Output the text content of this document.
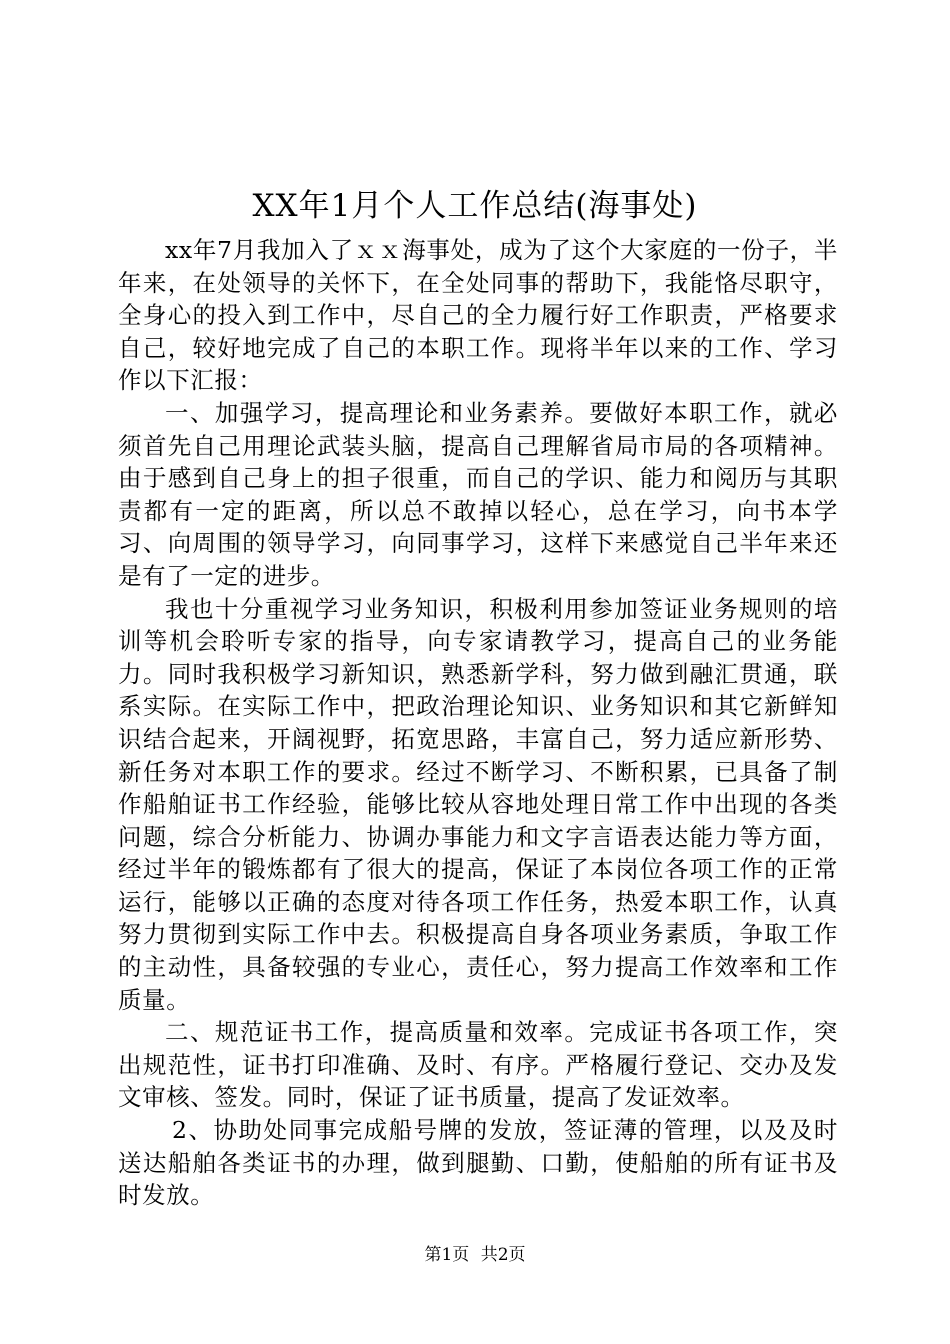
XX年1月个人工作总结(海事处)

xx年7月我加入了ｘｘ海事处，成为了这个大家庭的一份子，半年来，在处领导的关怀下，在全处同事的帮助下，我能恪尽职守，全身心的投入到工作中，尽自己的全力履行好工作职责，严格要求自己，较好地完成了自己的本职工作。现将半年以来的工作、学习作以下汇报：

一、加强学习，提高理论和业务素养。要做好本职工作，就必须首先自己用理论武装头脑，提高自己理解省局市局的各项精神。由于感到自己身上的担子很重，而自己的学识、能力和阅历与其职责都有一定的距离，所以总不敢掉以轻心，总在学习，向书本学习、向周围的领导学习，向同事学习，这样下来感觉自己半年来还是有了一定的进步。

我也十分重视学习业务知识，积极利用参加签证业务规则的培训等机会聆听专家的指导，向专家请教学习，提高自己的业务能力。同时我积极学习新知识，熟悉新学科，努力做到融汇贯通，联系实际。在实际工作中，把政治理论知识、业务知识和其它新鲜知识结合起来，开阔视野，拓宽思路，丰富自己，努力适应新形势、新任务对本职工作的要求。经过不断学习、不断积累，已具备了制作船舶证书工作经验，能够比较从容地处理日常工作中出现的各类问题，综合分析能力、协调办事能力和文字言语表达能力等方面，经过半年的锻炼都有了很大的提高，保证了本岗位各项工作的正常运行，能够以正确的态度对待各项工作任务，热爱本职工作，认真努力贯彻到实际工作中去。积极提高自身各项业务素质，争取工作的主动性，具备较强的专业心，责任心，努力提高工作效率和工作质量。

二、规范证书工作，提高质量和效率。完成证书各项工作，突出规范性，证书打印准确、及时、有序。严格履行登记、交办及发文审核、签发。同时，保证了证书质量，提高了发证效率。

2、协助处同事完成船号牌的发放，签证薄的管理，以及及时送达船舶各类证书的办理，做到腿勤、口勤，使船舶的所有证书及时发放。

第1页 共2页
